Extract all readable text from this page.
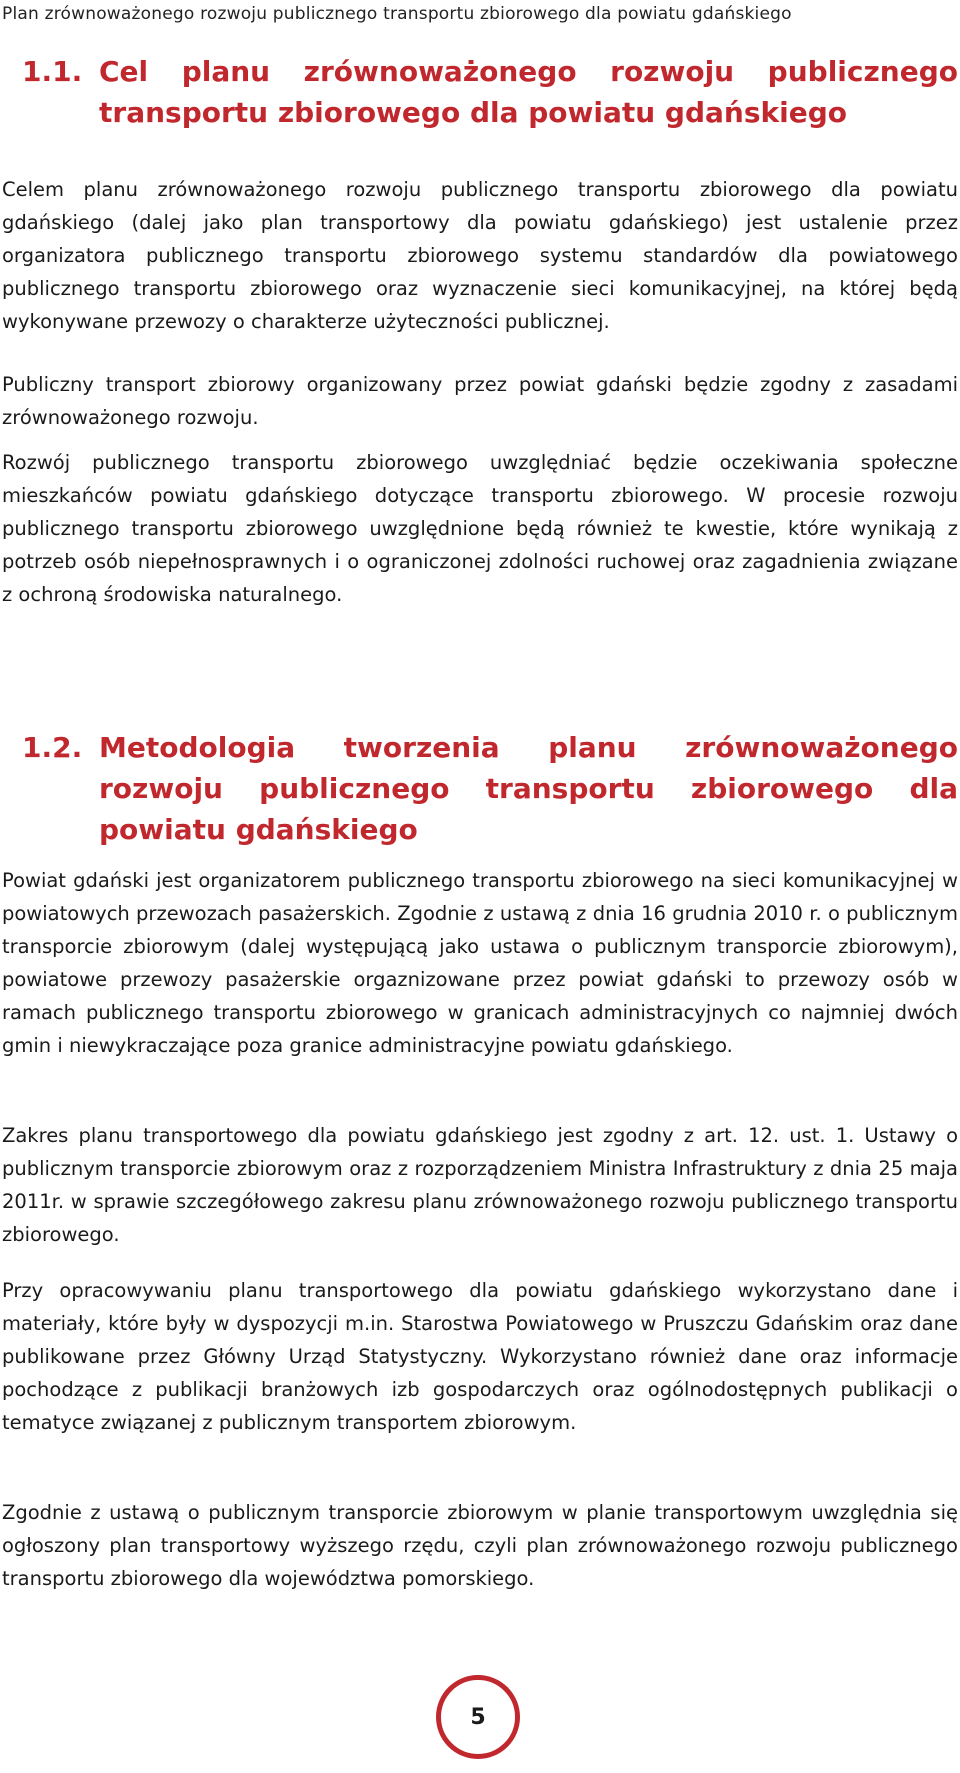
Plan zrównoważonego rozwoju publicznego transportu zbiorowego dla powiatu gdańskiego
1.1. Cel planu zrównoważonego rozwoju publicznego transportu zbiorowego dla powiatu gdańskiego

Celem planu zrównoważonego rozwoju publicznego transportu zbiorowego dla powiatu gdańskiego (dalej jako plan transportowy dla powiatu gdańskiego) jest ustalenie przez organizatora publicznego transportu zbiorowego systemu standardów dla powiatowego publicznego transportu zbiorowego oraz wyznaczenie sieci komunikacyjnej, na której będą wykonywane przewozy o charakterze użyteczności publicznej.

Publiczny transport zbiorowy organizowany przez powiat gdański będzie zgodny z zasadami zrównoważonego rozwoju.

Rozwój publicznego transportu zbiorowego uwzględniać będzie oczekiwania społeczne mieszkańców powiatu gdańskiego dotyczące transportu zbiorowego. W procesie rozwoju publicznego transportu zbiorowego uwzględnione będą również te kwestie, które wynikają z potrzeb osób niepełnosprawnych i o ograniczonej zdolności ruchowej oraz zagadnienia związane z ochroną środowiska naturalnego.

1.2. Metodologia tworzenia planu zrównoważonego rozwoju publicznego transportu zbiorowego dla powiatu gdańskiego

Powiat gdański jest organizatorem publicznego transportu zbiorowego na sieci komunikacyjnej w powiatowych przewozach pasażerskich. Zgodnie z ustawą z dnia 16 grudnia 2010 r. o publicznym transporcie zbiorowym (dalej występującą jako ustawa o publicznym transporcie zbiorowym), powiatowe przewozy pasażerskie orgaznizowane przez powiat gdański to przewozy osób w ramach publicznego transportu zbiorowego w granicach administracyjnych co najmniej dwóch gmin i niewykraczające poza granice administracyjne powiatu gdańskiego.

Zakres planu transportowego dla powiatu gdańskiego jest zgodny z art. 12. ust. 1. Ustawy o publicznym transporcie zbiorowym oraz z rozporządzeniem Ministra Infrastruktury z dnia 25 maja 2011r. w sprawie szczegółowego zakresu planu zrównoważonego rozwoju publicznego transportu zbiorowego.

Przy opracowywaniu planu transportowego dla powiatu gdańskiego wykorzystano dane i materiały, które były w dyspozycji m.in. Starostwa Powiatowego w Pruszczu Gdańskim oraz dane publikowane przez Główny Urząd Statystyczny. Wykorzystano również dane oraz informacje pochodzące z publikacji branżowych izb gospodarczych oraz ogólnodostępnych publikacji o tematyce związanej z publicznym transportem zbiorowym.

Zgodnie z ustawą o publicznym transporcie zbiorowym w planie transportowym uwzględnia się ogłoszony plan transportowy wyższego rzędu, czyli plan zrównoważonego rozwoju publicznego transportu zbiorowego dla województwa pomorskiego.

5
